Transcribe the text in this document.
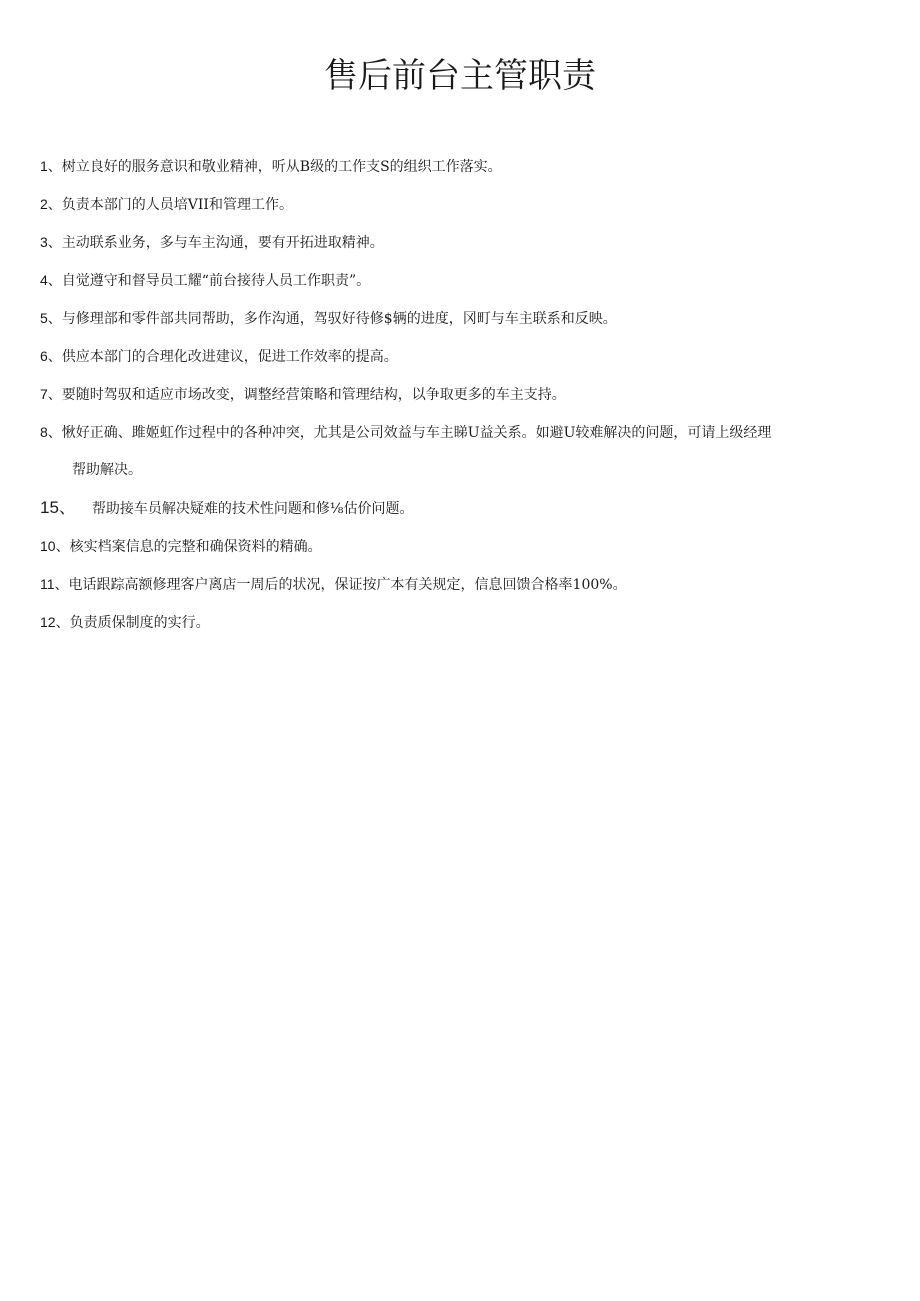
售后前台主管职责
1、树立良好的服务意识和敬业精神，听从B级的工作支S的组织工作落实。
2、负责本部门的人员培VII和管理工作。
3、主动联系业务，多与车主沟通，要有开拓进取精神。
4、自觉遵守和督导员工耀“前台接待人员工作职责”。
5、与修理部和零件部共同帮助，多作沟通，驾驭好待修$辆的进度，冈町与车主联系和反映。
6、供应本部门的合理化改进建议，促进工作效率的提高。
7、要随时驾驭和适应市场改变，调整经营策略和管理结构，以争取更多的车主支持。
8、愀好正确、雎姬虹作过程中的各种冲突，尤其是公司效益与车主睇U益关系。如避U较难解决的问题，可请上级经理
帮助解决。
15、 帮助接车员解决疑难的技术性问题和修⅛估价问题。
10、核实档案信息的完整和确保资料的精确。
11、电话跟踪高额修理客户离店一周后的状况，保证按广本有关规定，信息回馈合格率100%。
12、负责质保制度的实行。
